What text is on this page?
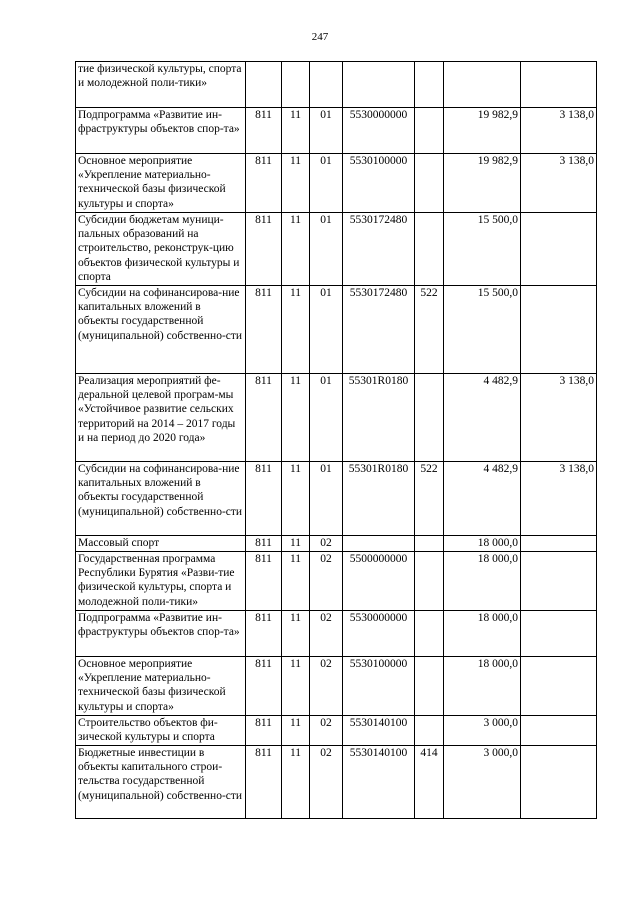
247
тие физической культуры, спорта и молодежной поли-тики»							
Подпрограмма «Развитие ин-фраструктуры объектов спор-та»	811	11	01	5530000000		19 982,9	3 138,0
Основное мероприятие «Укрепление материально-технической базы физической культуры и спорта»	811	11	01	5530100000		19 982,9	3 138,0
Субсидии бюджетам муници-пальных образований на строительство, реконструк-цию объектов физической культуры и спорта	811	11	01	5530172480		15 500,0	
Субсидии на софинансирова-ние капитальных вложений в объекты государственной (муниципальной) собственно-сти	811	11	01	5530172480	522	15 500,0	
Реализация мероприятий фе-деральной целевой програм-мы «Устойчивое развитие сельских территорий на 2014 – 2017 годы и на период до 2020 года»	811	11	01	55301R0180		4 482,9	3 138,0
Субсидии на софинансирова-ние капитальных вложений в объекты государственной (муниципальной) собственно-сти	811	11	01	55301R0180	522	4 482,9	3 138,0
Массовый спорт	811	11	02			18 000,0	
Государственная программа Республики Бурятия «Разви-тие физической культуры, спорта и молодежной поли-тики»	811	11	02	5500000000		18 000,0	
Подпрограмма «Развитие ин-фраструктуры объектов спор-та»	811	11	02	5530000000		18 000,0	
Основное мероприятие «Укрепление материально-технической базы физической культуры и спорта»	811	11	02	5530100000		18 000,0	
Строительство объектов фи-зической культуры и спорта	811	11	02	5530140100		3 000,0	
Бюджетные инвестиции в объекты капитального строи-тельства государственной (муниципальной) собственно-сти	811	11	02	5530140100	414	3 000,0	
